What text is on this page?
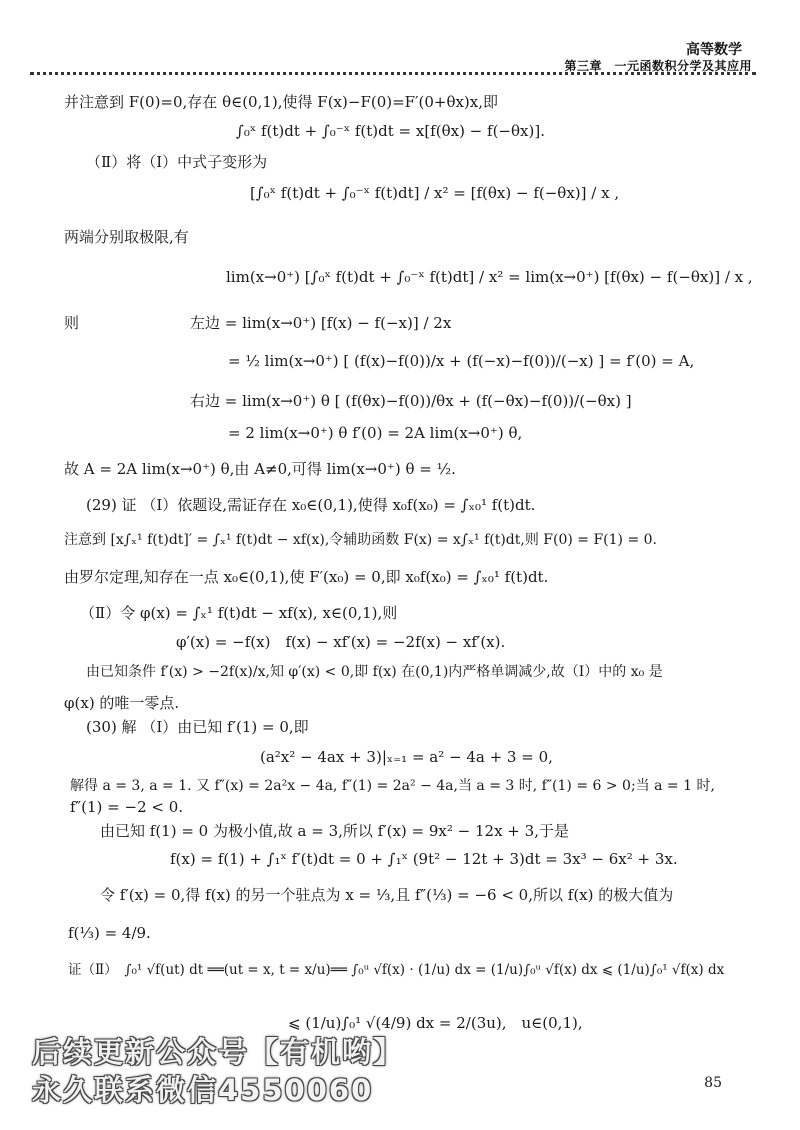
高等数学
第三章　一元函数积分学及其应用
并注意到 F(0)=0,存在 θ∈(0,1),使得 F(x)−F(0)=F′(0+θx)x,即
∫₀ˣ f(t)dt + ∫₀⁻ˣ f(t)dt = x[f(θx) − f(−θx)].
（Ⅱ）将（Ⅰ）中式子变形为
[∫₀ˣ f(t)dt + ∫₀⁻ˣ f(t)dt] / x² = [f(θx) − f(−θx)] / x ,
两端分别取极限,有
lim(x→0⁺) [∫₀ˣ f(t)dt + ∫₀⁻ˣ f(t)dt] / x² = lim(x→0⁺) [f(θx) − f(−θx)] / x ,
则	左边 = lim(x→0⁺) [f(x) − f(−x)] / 2x
= ½ lim(x→0⁺) [ (f(x)−f(0))/x + (f(−x)−f(0))/(−x) ] = f′(0) = A,
右边 = lim(x→0⁺) θ [ (f(θx)−f(0))/θx + (f(−θx)−f(0))/(−θx) ]
= 2 lim(x→0⁺) θ f′(0) = 2A lim(x→0⁺) θ,
故 A = 2A lim(x→0⁺) θ,由 A≠0,可得 lim(x→0⁺) θ = ½.
(29) 证 （Ⅰ）依题设,需证存在 x₀∈(0,1),使得 x₀f(x₀) = ∫ₓ₀¹ f(t)dt.
注意到 [x∫ₓ¹ f(t)dt]′ = ∫ₓ¹ f(t)dt − xf(x),令辅助函数 F(x) = x∫ₓ¹ f(t)dt,则 F(0) = F(1) = 0.
由罗尔定理,知存在一点 x₀∈(0,1),使 F′(x₀) = 0,即 x₀f(x₀) = ∫ₓ₀¹ f(t)dt.
（Ⅱ）令 φ(x) = ∫ₓ¹ f(t)dt − xf(x), x∈(0,1),则
φ′(x) = −f(x)　f(x) − xf′(x) = −2f(x) − xf′(x).
由已知条件 f′(x) > −2f(x)/x,知 φ′(x) < 0,即 f(x) 在(0,1)内严格单调减少,故（Ⅰ）中的 x₀ 是
φ(x) 的唯一零点.
(30) 解 （Ⅰ）由已知 f′(1) = 0,即
(a²x² − 4ax + 3)|ₓ₌₁ = a² − 4a + 3 = 0,
解得 a = 3, a = 1. 又 f″(x) = 2a²x − 4a, f″(1) = 2a² − 4a,当 a = 3 时, f″(1) = 6 > 0;当 a = 1 时,
f″(1) = −2 < 0.
由已知 f(1) = 0 为极小值,故 a = 3,所以 f′(x) = 9x² − 12x + 3,于是
f(x) = f(1) + ∫₁ˣ f′(t)dt = 0 + ∫₁ˣ (9t² − 12t + 3)dt = 3x³ − 6x² + 3x.
令 f′(x) = 0,得 f(x) 的另一个驻点为 x = ⅓,且 f″(⅓) = −6 < 0,所以 f(x) 的极大值为
f(⅓) = 4/9.
证（Ⅱ）　∫₀¹ √f(ut) dt ══(ut = x, t = x/u)══ ∫₀ᵘ √f(x) · (1/u) dx = (1/u)∫₀ᵘ √f(x) dx ⩽ (1/u)∫₀¹ √f(x) dx
⩽ (1/u)∫₀¹ √(4/9) dx = 2/(3u),　u∈(0,1),
85
后续更新公众号【有机哟】
永久联系微信4550060
